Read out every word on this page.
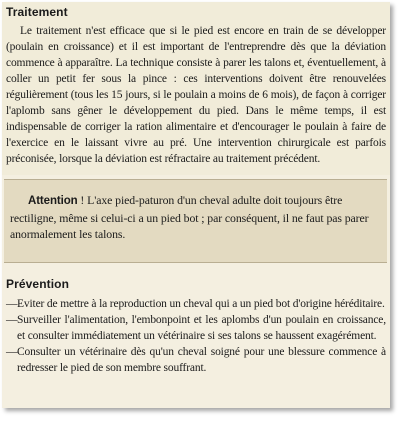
Traitement

Le traitement n'est efficace que si le pied est encore en train de se développer (poulain en croissance) et il est important de l'entreprendre dès que la déviation commence à apparaître. La technique consiste à parer les talons et, éventuellement, à coller un petit fer sous la pince : ces interventions doivent être renouvelées régulièrement (tous les 15 jours, si le poulain a moins de 6 mois), de façon à corriger l'aplomb sans gêner le développement du pied. Dans le même temps, il est indispensable de corriger la ration alimentaire et d'encourager le poulain à faire de l'exercice en le laissant vivre au pré. Une intervention chirurgicale est parfois préconisée, lorsque la déviation est réfractaire au traitement précédent.

Attention ! L'axe pied-paturon d'un cheval adulte doit toujours être rectiligne, même si celui-ci a un pied bot ; par conséquent, il ne faut pas parer anormalement les talons.

Prévention
— Eviter de mettre à la reproduction un cheval qui a un pied bot d'origine héréditaire.
— Surveiller l'alimentation, l'embonpoint et les aplombs d'un poulain en croissance, et consulter immédiatement un vétérinaire si ses talons se haussent exagérément.
— Consulter un vétérinaire dès qu'un cheval soigné pour une blessure commence à redresser le pied de son membre souffrant.
